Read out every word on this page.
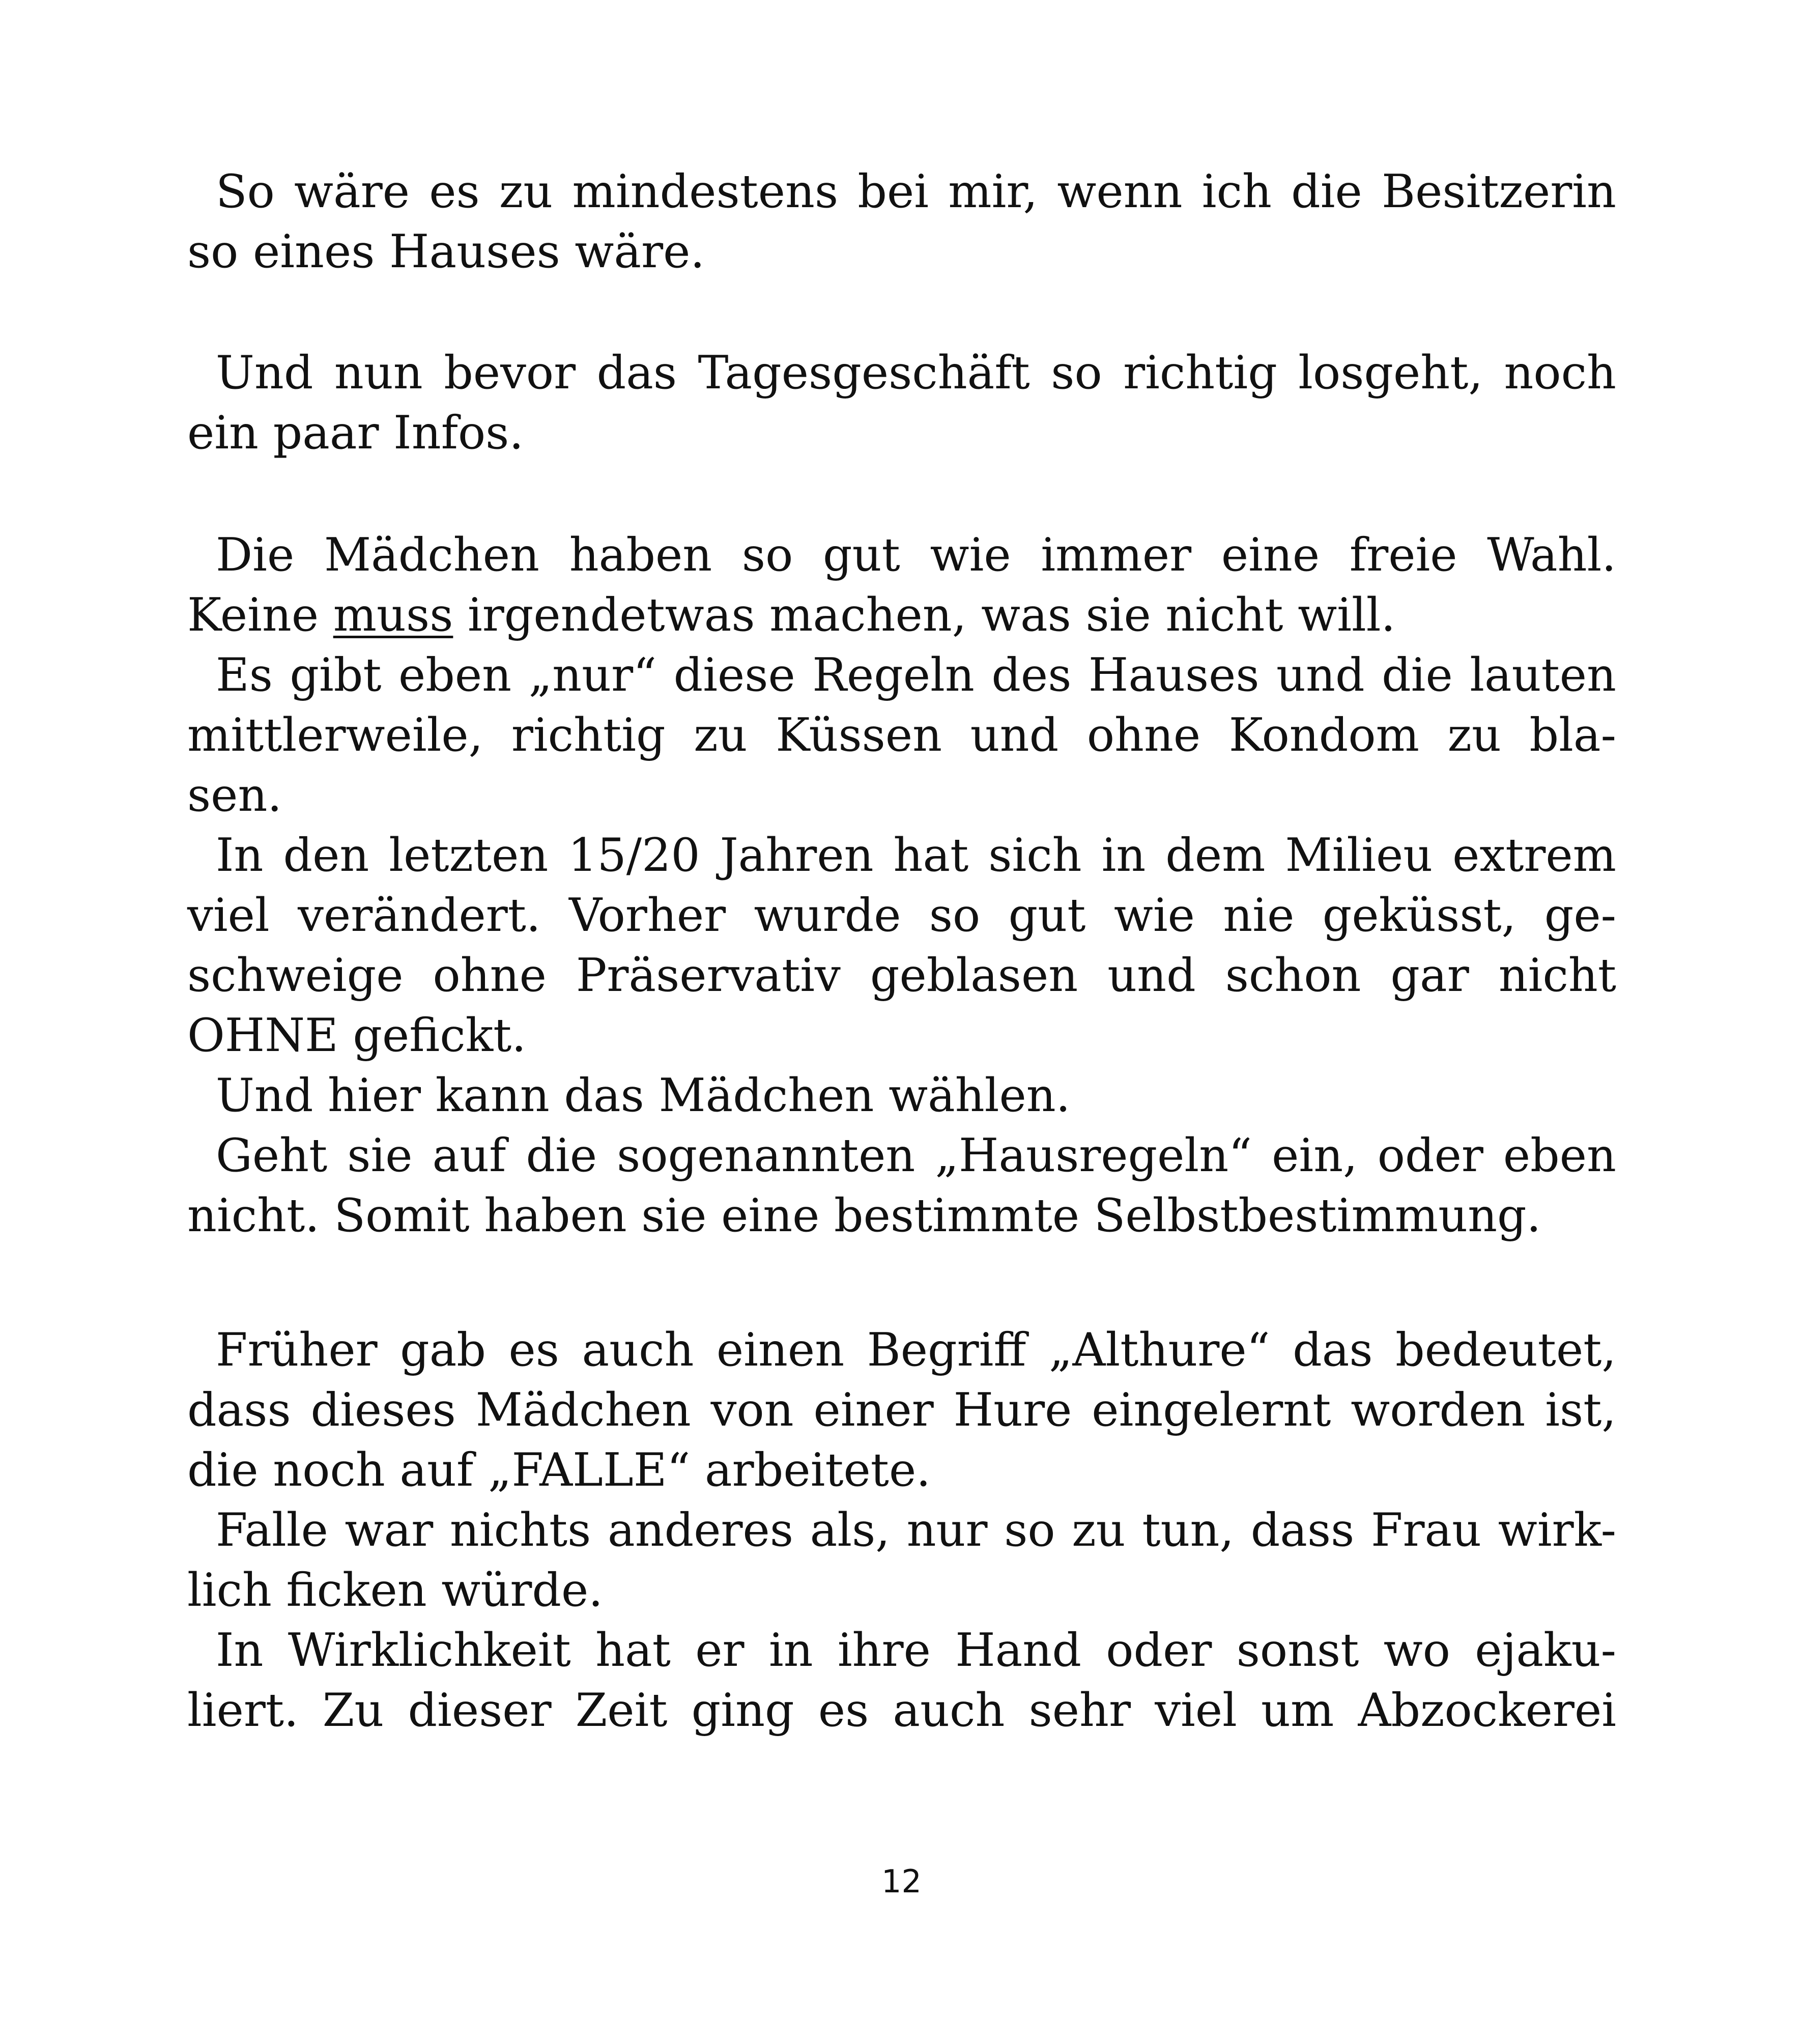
So wäre es zu mindestens bei mir, wenn ich die Besitzerin
so eines Hauses wäre.
Und nun bevor das Tagesgeschäft so richtig losgeht, noch
ein paar Infos.
Die Mädchen haben so gut wie immer eine freie Wahl.
Keine muss irgendetwas machen, was sie nicht will.
Es gibt eben „nur“ diese Regeln des Hauses und die lauten
mittlerweile, richtig zu Küssen und ohne Kondom zu bla-
sen.
In den letzten 15/20 Jahren hat sich in dem Milieu extrem
viel verändert. Vorher wurde so gut wie nie geküsst, ge-
schweige ohne Präservativ geblasen und schon gar nicht
OHNE gefickt.
Und hier kann das Mädchen wählen.
Geht sie auf die sogenannten „Hausregeln“ ein, oder eben
nicht. Somit haben sie eine bestimmte Selbstbestimmung.
Früher gab es auch einen Begriff „Althure“ das bedeutet,
dass dieses Mädchen von einer Hure eingelernt worden ist,
die noch auf „FALLE“ arbeitete.
Falle war nichts anderes als, nur so zu tun, dass Frau wirk-
lich ficken würde.
In Wirklichkeit hat er in ihre Hand oder sonst wo ejaku-
liert. Zu dieser Zeit ging es auch sehr viel um Abzockerei
12
